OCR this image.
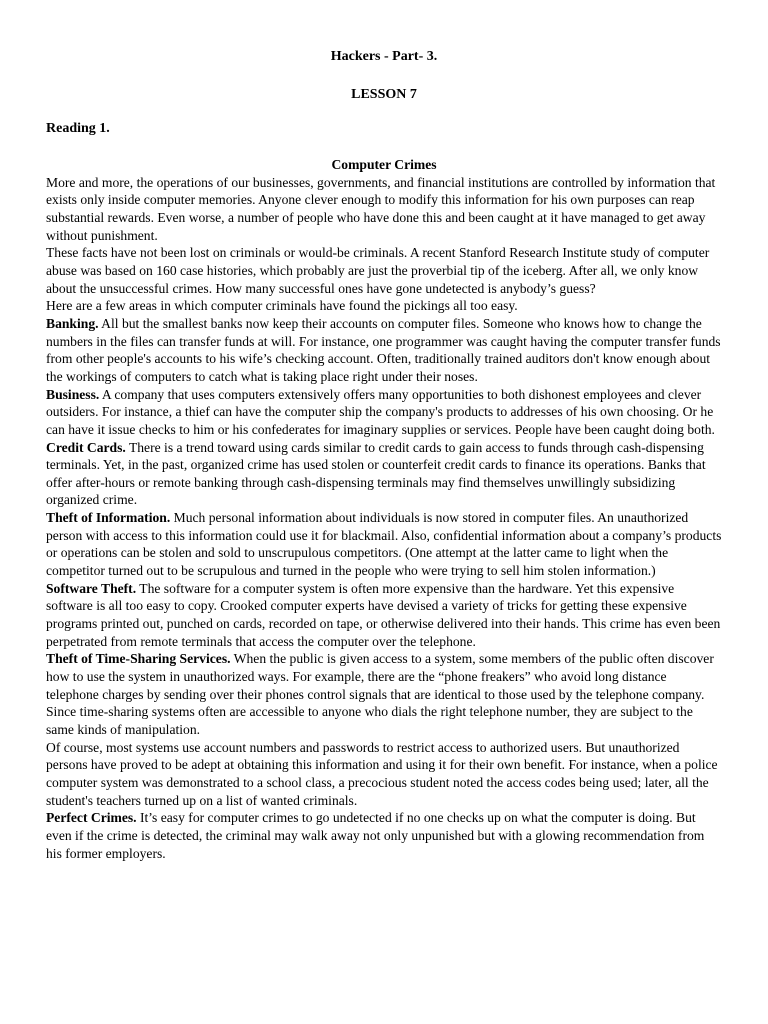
Hackers - Part- 3.
LESSON 7
Reading 1.

Computer Crimes

More and more, the operations of our businesses, governments, and financial institutions are controlled by information that exists only inside computer memories. Anyone clever enough to modify this information for his own purposes can reap substantial rewards. Even worse, a number of people who have done this and been caught at it have managed to get away without punishment.

These facts have not been lost on criminals or would-be criminals. A recent Stanford Research Institute study of computer abuse was based on 160 case histories, which probably are just the proverbial tip of the iceberg. After all, we only know about the unsuccessful crimes. How many successful ones have gone undetected is anybody’s guess?

Here are a few areas in which computer criminals have found the pickings all too easy.

Banking. All but the smallest banks now keep their accounts on computer files. Someone who knows how to change the numbers in the files can transfer funds at will. For instance, one programmer was caught having the computer transfer funds from other people's accounts to his wife’s checking account. Often, traditionally trained auditors don't know enough about the workings of computers to catch what is taking place right under their noses.

Business. A company that uses computers extensively offers many opportunities to both dishonest employees and clever outsiders. For instance, a thief can have the computer ship the company's products to addresses of his own choosing. Or he can have it issue checks to him or his confederates for imaginary supplies or services. People have been caught doing both.

Credit Cards. There is a trend toward using cards similar to credit cards to gain access to funds through cash-dispensing terminals. Yet, in the past, organized crime has used stolen or counterfeit credit cards to finance its operations. Banks that offer after-hours or remote banking through cash-dispensing terminals may find themselves unwillingly subsidizing organized crime.

Theft of Information. Much personal information about individuals is now stored in computer files. An unauthorized person with access to this information could use it for blackmail. Also, confidential information about a company’s products or operations can be stolen and sold to unscrupulous competitors. (One attempt at the latter came to light when the competitor turned out to be scrupulous and turned in the people who were trying to sell him stolen information.)

Software Theft. The software for a computer system is often more expensive than the hardware. Yet this expensive software is all too easy to copy. Crooked computer experts have devised a variety of tricks for getting these expensive programs printed out, punched on cards, recorded on tape, or otherwise delivered into their hands. This crime has even been perpetrated from remote terminals that access the computer over the telephone.

Theft of Time-Sharing Services. When the public is given access to a system, some members of the public often discover how to use the system in unauthorized ways. For example, there are the “phone freakers” who avoid long distance telephone charges by sending over their phones control signals that are identical to those used by the telephone company.

Since time-sharing systems often are accessible to anyone who dials the right telephone number, they are subject to the same kinds of manipulation.

Of course, most systems use account numbers and passwords to restrict access to authorized users. But unauthorized persons have proved to be adept at obtaining this information and using it for their own benefit. For instance, when a police computer system was demonstrated to a school class, a precocious student noted the access codes being used; later, all the student's teachers turned up on a list of wanted criminals.

Perfect Crimes. It’s easy for computer crimes to go undetected if no one checks up on what the computer is doing. But even if the crime is detected, the criminal may walk away not only unpunished but with a glowing recommendation from his former employers.
